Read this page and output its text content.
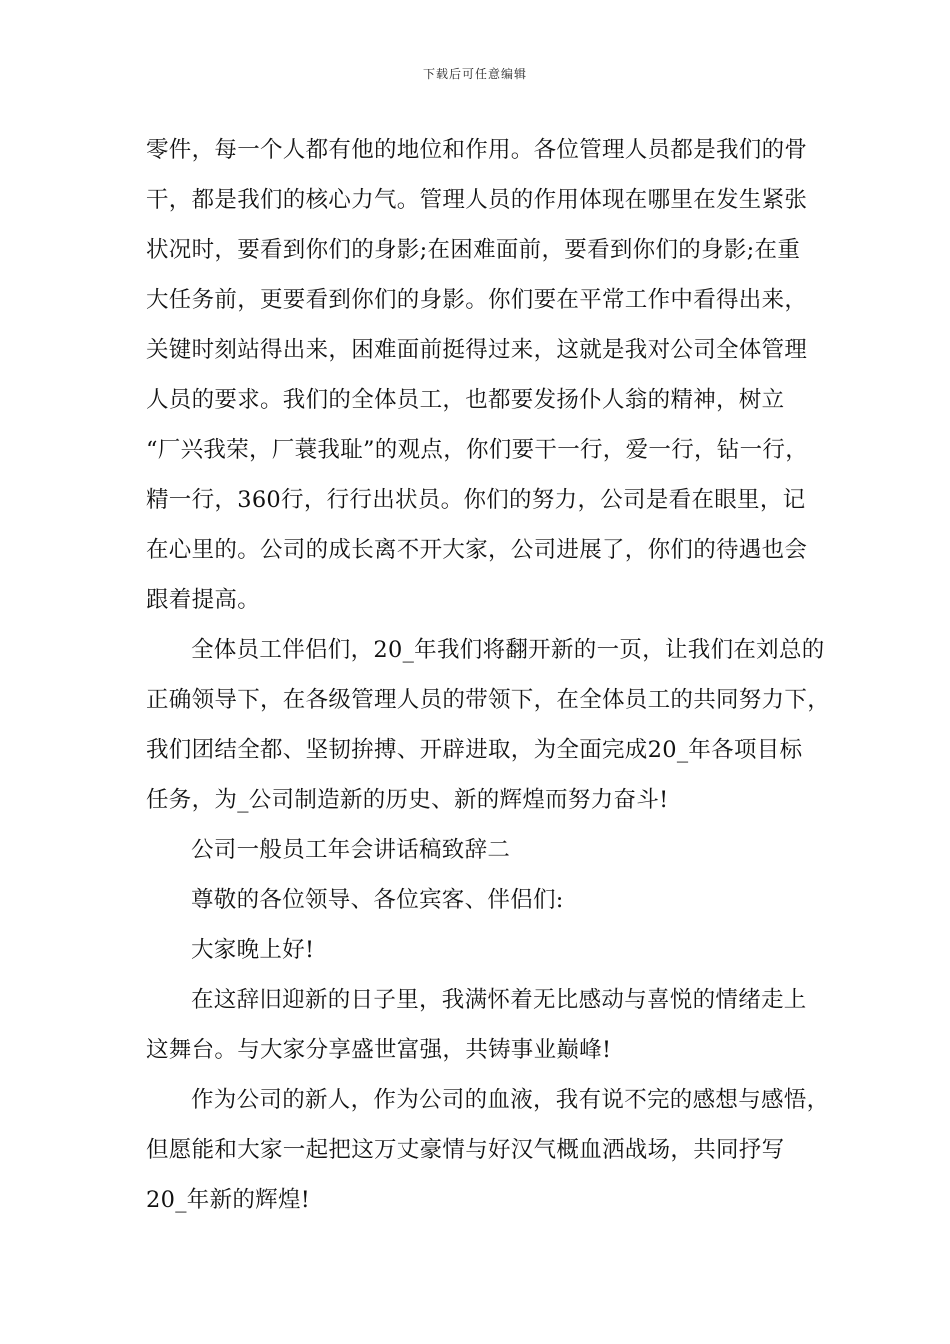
下载后可任意编辑
零件，每一个人都有他的地位和作用。各位管理人员都是我们的骨
干，都是我们的核心力气。管理人员的作用体现在哪里在发生紧张
状况时，要看到你们的身影;在困难面前，要看到你们的身影;在重
大任务前，更要看到你们的身影。你们要在平常工作中看得出来，
关键时刻站得出来，困难面前挺得过来，这就是我对公司全体管理
人员的要求。我们的全体员工，也都要发扬仆人翁的精神，树立
“厂兴我荣，厂蓑我耻”的观点，你们要干一行，爱一行，钻一行，
精一行，360行，行行出状员。你们的努力，公司是看在眼里，记
在心里的。公司的成长离不开大家，公司进展了，你们的待遇也会
跟着提高。
全体员工伴侣们，20_年我们将翻开新的一页，让我们在刘总的
正确领导下，在各级管理人员的带领下，在全体员工的共同努力下，
我们团结全都、坚韧拚搏、开辟进取，为全面完成20_年各项目标
任务，为_公司制造新的历史、新的辉煌而努力奋斗!
公司一般员工年会讲话稿致辞二
尊敬的各位领导、各位宾客、伴侣们:
大家晚上好!
在这辞旧迎新的日子里，我满怀着无比感动与喜悦的情绪走上
这舞台。与大家分享盛世富强，共铸事业巅峰!
作为公司的新人，作为公司的血液，我有说不完的感想与感悟，
但愿能和大家一起把这万丈豪情与好汉气概血洒战场，共同抒写
20_年新的辉煌!
